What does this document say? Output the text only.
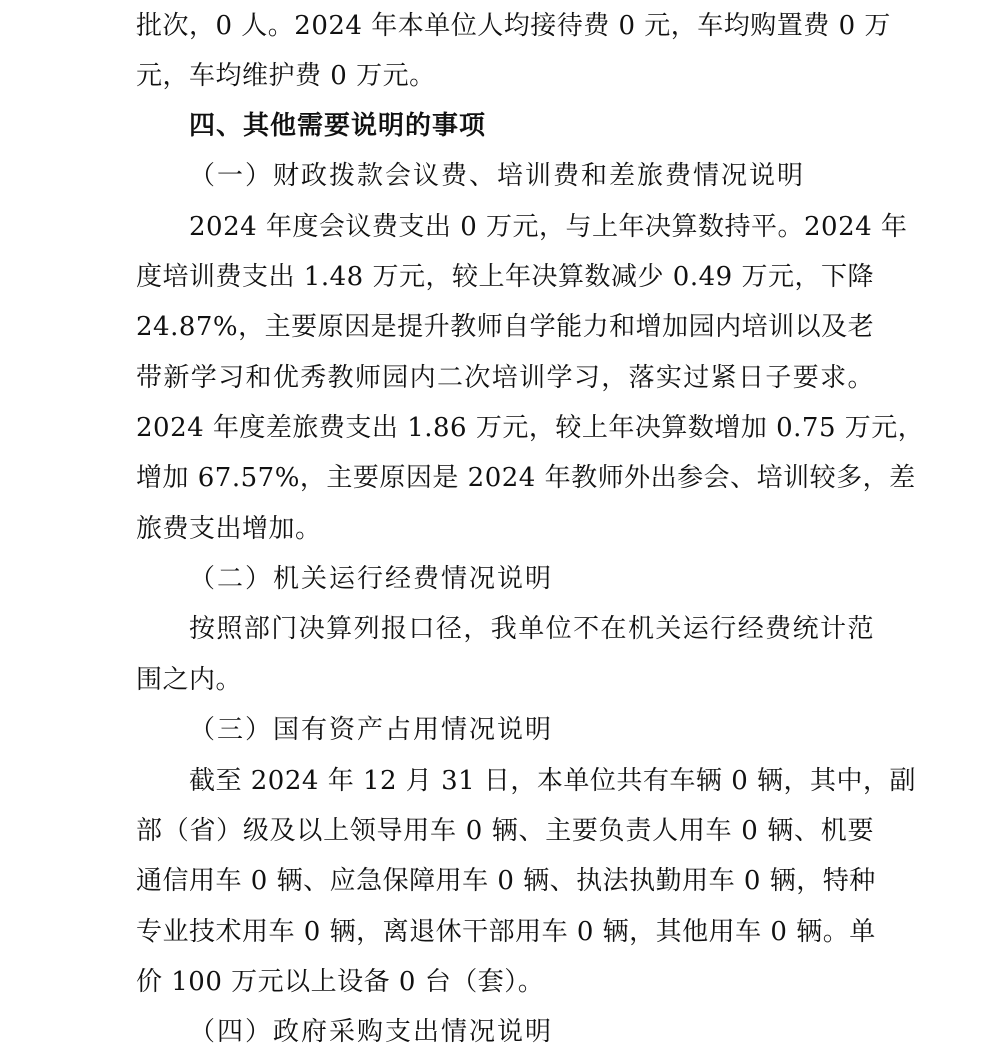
批次，0 人。2024 年本单位人均接待费 0 元，车均购置费 0 万
元，车均维护费 0 万元。
四、其他需要说明的事项
（一）财政拨款会议费、培训费和差旅费情况说明
2024 年度会议费支出 0 万元，与上年决算数持平。2024 年
度培训费支出 1.48 万元，较上年决算数减少 0.49 万元，下降
24.87%，主要原因是提升教师自学能力和增加园内培训以及老
带新学习和优秀教师园内二次培训学习，落实过紧日子要求。
2024 年度差旅费支出 1.86 万元，较上年决算数增加 0.75 万元，
增加 67.57%，主要原因是 2024 年教师外出参会、培训较多，差
旅费支出增加。
（二）机关运行经费情况说明
按照部门决算列报口径，我单位不在机关运行经费统计范
围之内。
（三）国有资产占用情况说明
截至 2024 年 12 月 31 日，本单位共有车辆 0 辆，其中，副
部（省）级及以上领导用车 0 辆、主要负责人用车 0 辆、机要
通信用车 0 辆、应急保障用车 0 辆、执法执勤用车 0 辆，特种
专业技术用车 0 辆，离退休干部用车 0 辆，其他用车 0 辆。单
价 100 万元以上设备 0 台（套）。
（四）政府采购支出情况说明
